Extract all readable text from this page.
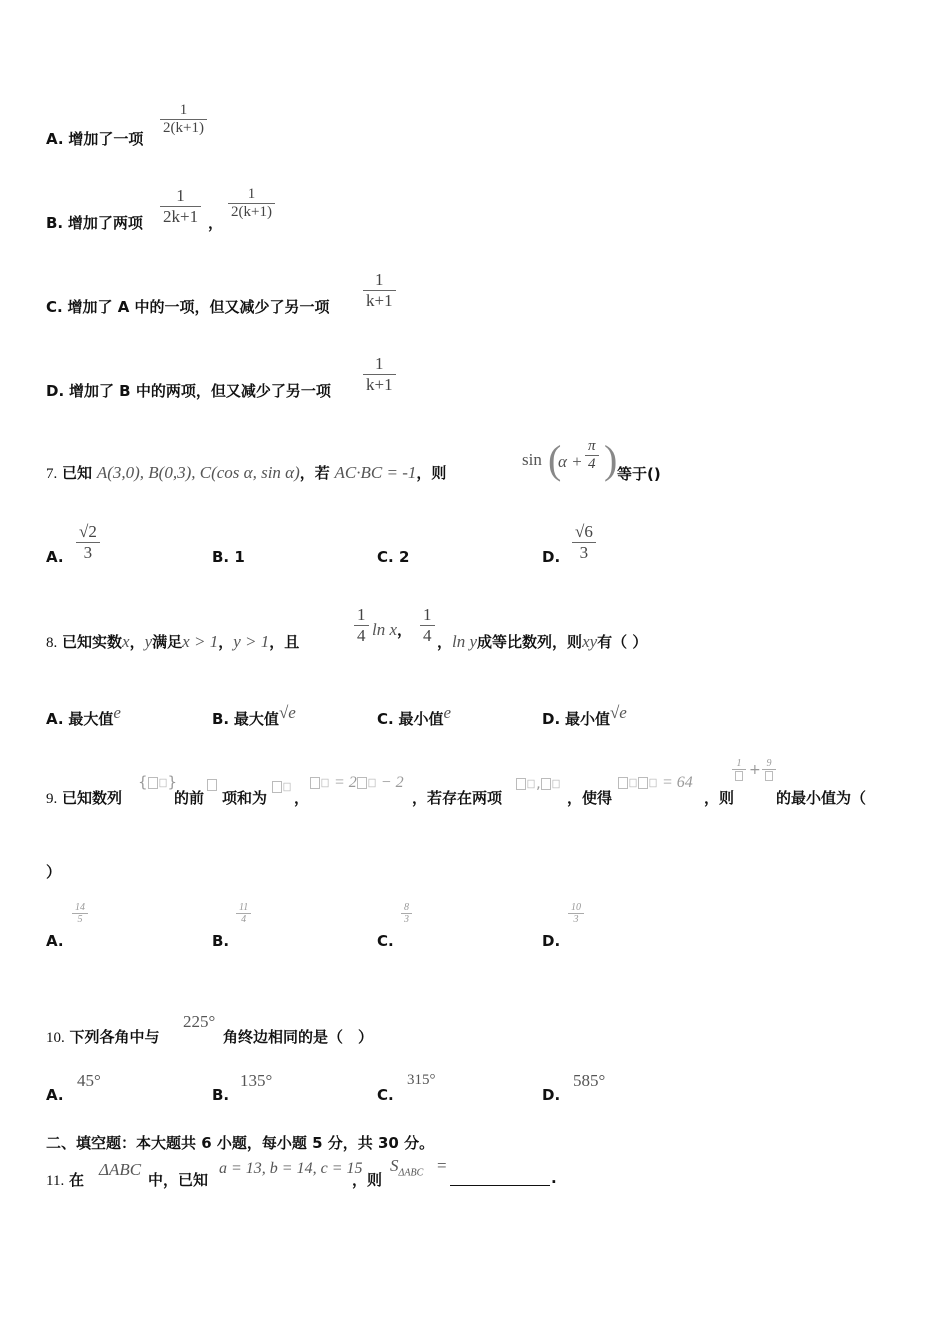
A. 增加了一项
$\frac{1}{2(k+1)}$
B. 增加了两项 $\frac{1}{2k+1}$ ，
$\frac{1}{2(k+1)}$
C. 增加了 A 中的一项，但又减少了另一项 $\frac{1}{k+1}$
D. 增加了 B 中的两项，但又减少了另一项 $\frac{1}{k+1}$
7. 已知 A(3,0), B(0,3), C(cos α, sin α)，若 AC·BC = -1，则
sin (
$\alpha + \frac{\pi}{4}$ ) 等于()
A. $\frac{√2}{3}$	B. 1	C. 2	D. $\frac{√6}{3}$
8. 已知实数x，y满足x > 1，y > 1，且	$\frac{1}{4}$ ln x， $\frac{1}{4}$ ，ln y成等比数列，则xy有（ ）
A. 最大值$^e$	B. 最大值$^{√e}$	C. 最小值$^e$	D. 最小值$^{√e}$
9. 已知数列
{ }
的前 项和为 ，
= 2 − 2
，若存在两项
,
，使得
= 64
，则
1 + 9
的最小值为（
）
A.
$\frac{14}{5}$
B.
$\frac{11}{4}$
C.
$\frac{8}{3}$
D.
$\frac{10}{3}$
10. 下列各角中与
225°
角终边相同的是（　）
A.
45°
B.
135°
C.
315°
D.
585°
二、填空题：本大题共 6 小题，每小题 5 分，共 30 分。
11. 在
ΔABC
中，已知
a = 13, b = 14, c = 15
，则
$S_{\Delta ABC}$ =
.
